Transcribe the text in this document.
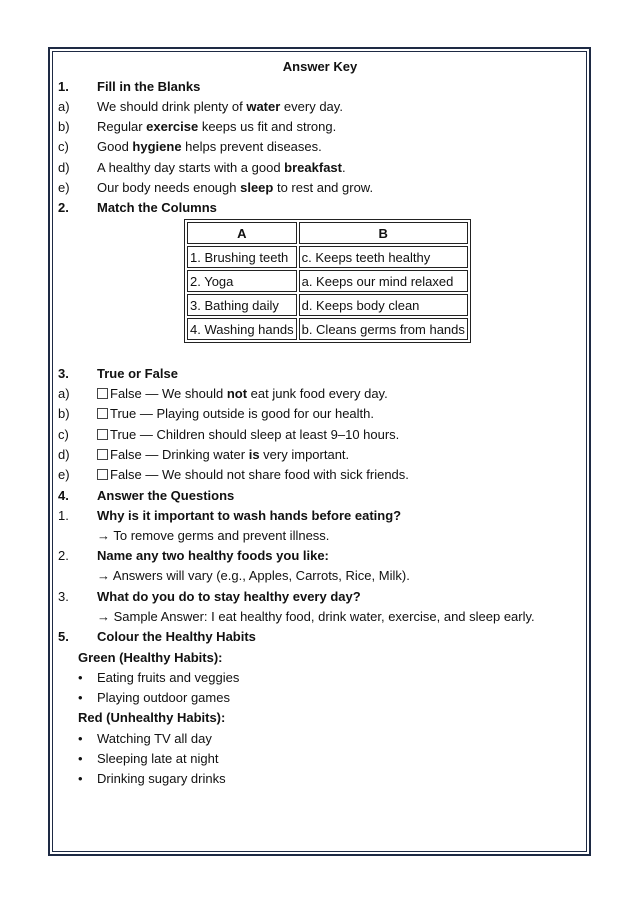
Answer Key
1. Fill in the Blanks
a) We should drink plenty of water every day.
b) Regular exercise keeps us fit and strong.
c) Good hygiene helps prevent diseases.
d) A healthy day starts with a good breakfast.
e) Our body needs enough sleep to rest and grow.
2. Match the Columns
A	B
1. Brushing teeth	c. Keeps teeth healthy
2. Yoga	a. Keeps our mind relaxed
3. Bathing daily	d. Keeps body clean
4. Washing hands	b. Cleans germs from hands
3. True or False
a)	False — We should not eat junk food every day.
b)	True — Playing outside is good for our health.
c)	True — Children should sleep at least 9–10 hours.
d)	False — Drinking water is very important.
e)	False — We should not share food with sick friends.
4. Answer the Questions
1. Why is it important to wash hands before eating?
→ To remove germs and prevent illness.
2. Name any two healthy foods you like:
→ Answers will vary (e.g., Apples, Carrots, Rice, Milk).
3. What do you do to stay healthy every day?
→ Sample Answer: I eat healthy food, drink water, exercise, and sleep early.
5. Colour the Healthy Habits
Green (Healthy Habits):
• Eating fruits and veggies
• Playing outdoor games
Red (Unhealthy Habits):
• Watching TV all day
• Sleeping late at night
• Drinking sugary drinks
